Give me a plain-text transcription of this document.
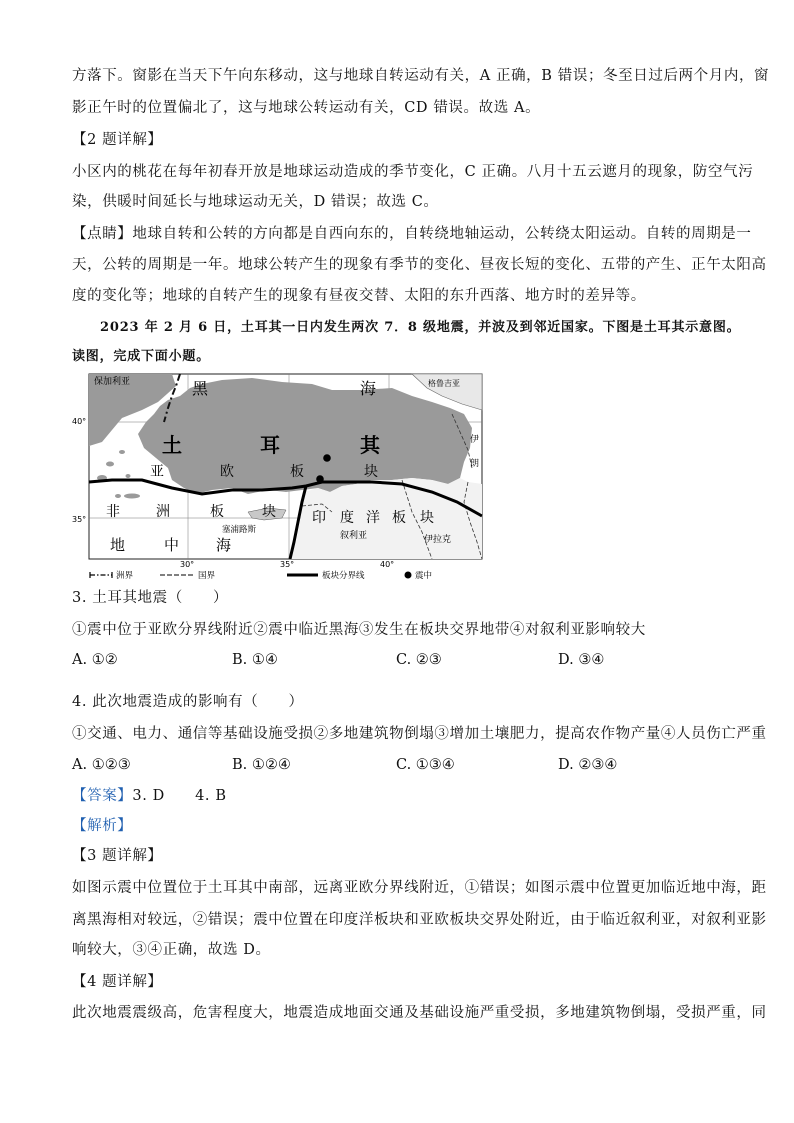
方落下。窗影在当天下午向东移动，这与地球自转运动有关，A 正确，B 错误；冬至日过后两个月内，窗
影正午时的位置偏北了，这与地球公转运动有关，CD 错误。故选 A。
【2 题详解】
小区内的桃花在每年初春开放是地球运动造成的季节变化，C 正确。八月十五云遮月的现象，防空气污
染，供暖时间延长与地球运动无关，D 错误；故选 C。
【点睛】地球自转和公转的方向都是自西向东的，自转绕地轴运动，公转绕太阳运动。自转的周期是一
天，公转的周期是一年。地球公转产生的现象有季节的变化、昼夜长短的变化、五带的产生、正午太阳高
度的变化等；地球的自转产生的现象有昼夜交替、太阳的东升西落、地方时的差异等。
2023 年 2 月 6 日，土耳其一日内发生两次 7．8 级地震，并波及到邻近国家。下图是土耳其示意图。
读图，完成下面小题。
保加利亚	黑	海	格鲁吉亚
土	耳	其	伊
朗
亚	欧	板	块
非	洲	板	块
塞浦路斯
印 度 洋 板 块
地	中 海	叙利亚	伊拉克
40°
35°
30°	35°	40°
洲界	国界	板块分界线	震中
3. 土耳其地震（　　）
①震中位于亚欧分界线附近②震中临近黑海③发生在板块交界地带④对叙利亚影响较大
A. ①②	B. ①④	C. ②③	D. ③④
4. 此次地震造成的影响有（　　）
①交通、电力、通信等基础设施受损②多地建筑物倒塌③增加土壤肥力，提高农作物产量④人员伤亡严重
A. ①②③	B. ①②④	C. ①③④	D. ②③④
【答案】3. D　　4. B
【解析】
【3 题详解】
如图示震中位置位于土耳其中南部，远离亚欧分界线附近，①错误；如图示震中位置更加临近地中海，距
离黑海相对较远，②错误；震中位置在印度洋板块和亚欧板块交界处附近，由于临近叙利亚，对叙利亚影
响较大，③④正确，故选 D。
【4 题详解】
此次地震震级高，危害程度大，地震造成地面交通及基础设施严重受损，多地建筑物倒塌，受损严重，同
